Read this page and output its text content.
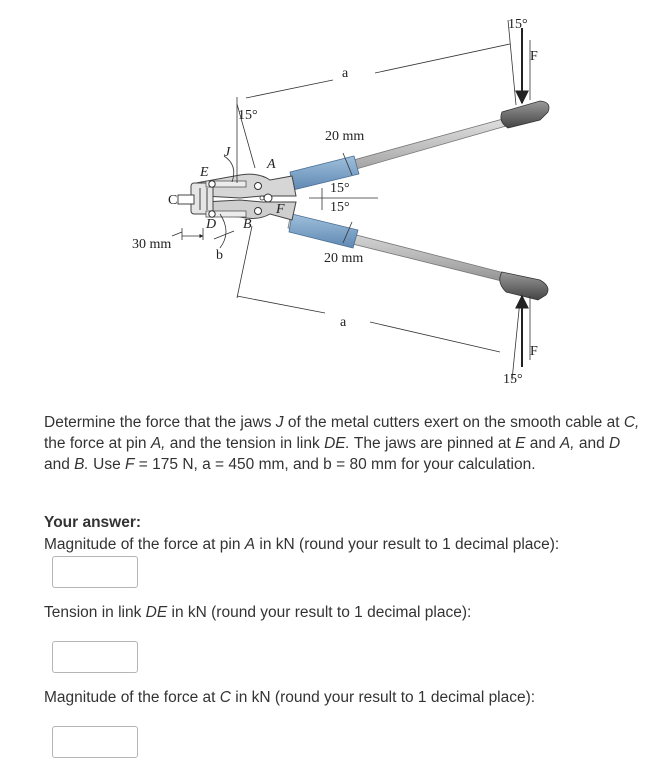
C
E
J
D B
A
F
a
a
b
20 mm
20 mm
30 mm
15°
15°
15°
15°
15°
F
F
Determine the force that the jaws J of the metal cutters exert on the smooth cable at C, the force at pin A, and the tension in link DE. The jaws are pinned at E and A, and D and B. Use F = 175 N, a = 450 mm, and b = 80 mm for your calculation.
Your answer:
Magnitude of the force at pin A in kN (round your result to 1 decimal place):
Tension in link DE in kN (round your result to 1 decimal place):
Magnitude of the force at C in kN (round your result to 1 decimal place):
